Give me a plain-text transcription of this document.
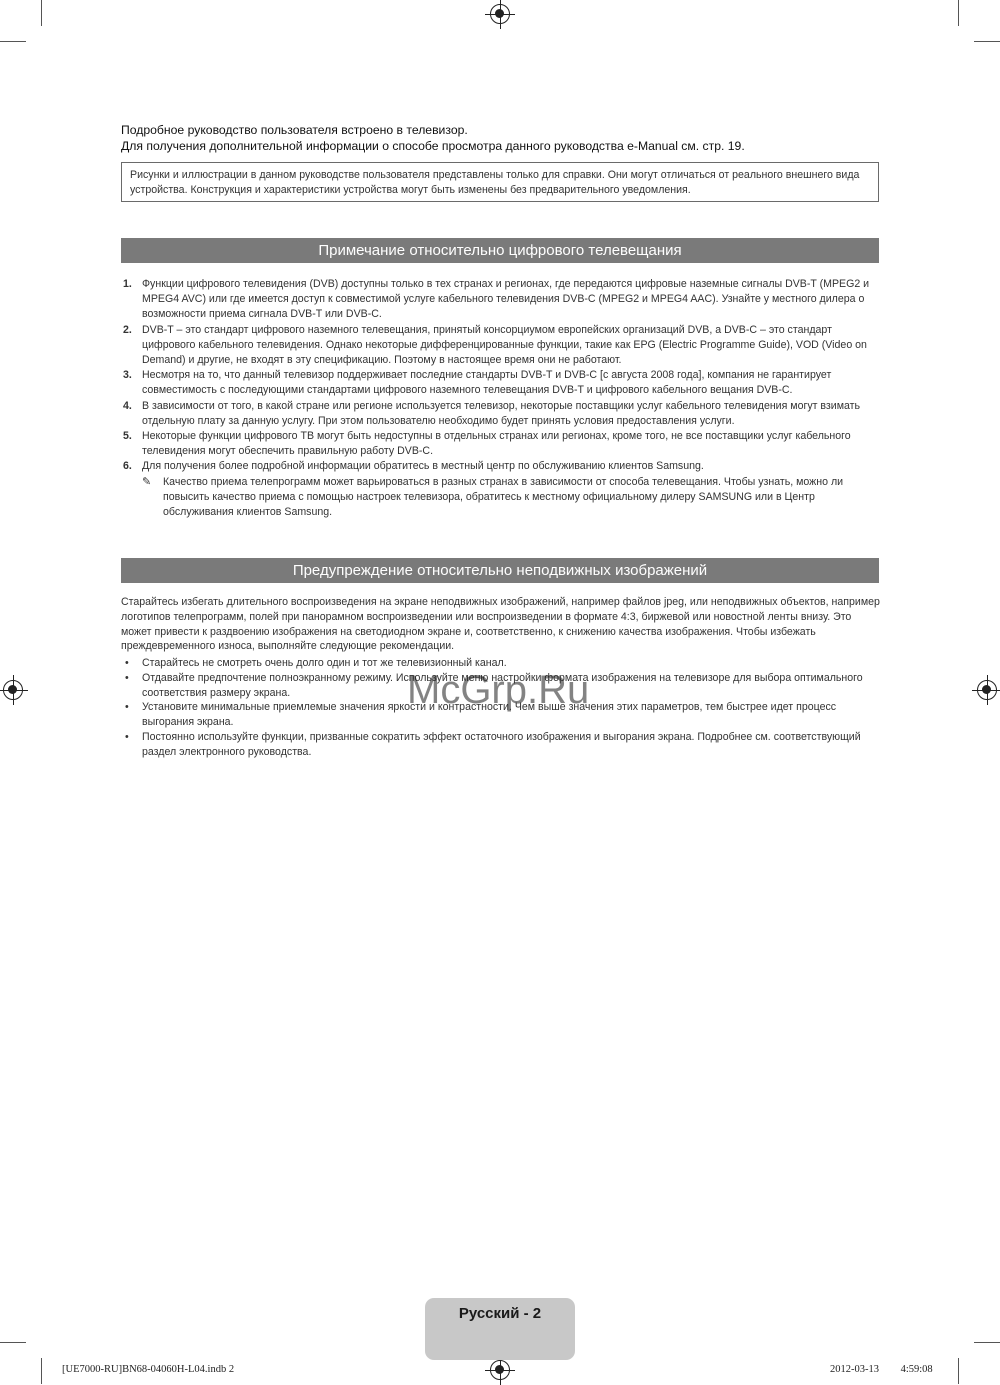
Подробное руководство пользователя встроено в телевизор.
Для получения дополнительной информации о способе просмотра данного руководства e-Manual см. стр. 19.
Рисунки и иллюстрации в данном руководстве пользователя представлены только для справки. Они могут отличаться от реального внешнего вида устройства. Конструкция и характеристики устройства могут быть изменены без предварительного уведомления.
Примечание относительно цифрового телевещания
1. Функции цифрового телевидения (DVB) доступны только в тех странах и регионах, где передаются цифровые наземные сигналы DVB-T (MPEG2 и MPEG4 AVC) или где имеется доступ к совместимой услуге кабельного телевидения DVB-C (MPEG2 и MPEG4 AAC). Узнайте у местного дилера о возможности приема сигнала DVB-T или DVB-C.
2. DVB-T – это стандарт цифрового наземного телевещания, принятый консорциумом европейских организаций DVB, а DVB-C – это стандарт цифрового кабельного телевидения. Однако некоторые дифференцированные функции, такие как EPG (Electric Programme Guide), VOD (Video on Demand) и другие, не входят в эту спецификацию. Поэтому в настоящее время они не работают.
3. Несмотря на то, что данный телевизор поддерживает последние стандарты DVB-T и DVB-C [с августа 2008 года], компания не гарантирует совместимость с последующими стандартами цифрового наземного телевещания DVB-T и цифрового кабельного вещания DVB-C.
4. В зависимости от того, в какой стране или регионе используется телевизор, некоторые поставщики услуг кабельного телевидения могут взимать отдельную плату за данную услугу. При этом пользователю необходимо будет принять условия предоставления услуги.
5. Некоторые функции цифрового ТВ могут быть недоступны в отдельных странах или регионах, кроме того, не все поставщики услуг кабельного телевидения могут обеспечить правильную работу DVB-C.
6. Для получения более подробной информации обратитесь в местный центр по обслуживанию клиентов Samsung.
✎ Качество приема телепрограмм может варьироваться в разных странах в зависимости от способа телевещания. Чтобы узнать, можно ли повысить качество приема с помощью настроек телевизора, обратитесь к местному официальному дилеру SAMSUNG или в Центр обслуживания клиентов Samsung.
Предупреждение относительно неподвижных изображений
Старайтесь избегать длительного воспроизведения на экране неподвижных изображений, например файлов jpeg, или неподвижных объектов, например логотипов телепрограмм, полей при панорамном воспроизведении или воспроизведении в формате 4:3, биржевой или новостной ленты внизу. Это может привести к раздвоению изображения на светодиодном экране и, соответственно, к снижению качества изображения. Чтобы избежать преждевременного износа, выполняйте следующие рекомендации.
• Старайтесь не смотреть очень долго один и тот же телевизионный канал.
• Отдавайте предпочтение полноэкранному режиму. Используйте меню настройки формата изображения на телевизоре для выбора оптимального соответствия размеру экрана.
• Установите минимальные приемлемые значения яркости и контрастности. Чем выше значения этих параметров, тем быстрее идет процесс выгорания экрана.
• Постоянно используйте функции, призванные сократить эффект остаточного изображения и выгорания экрана. Подробнее см. соответствующий раздел электронного руководства.
McGrp.Ru
Русский - 2
[UE7000-RU]BN68-04060H-L04.indb 2	2012-03-13 ￿￿ 4:59:08
